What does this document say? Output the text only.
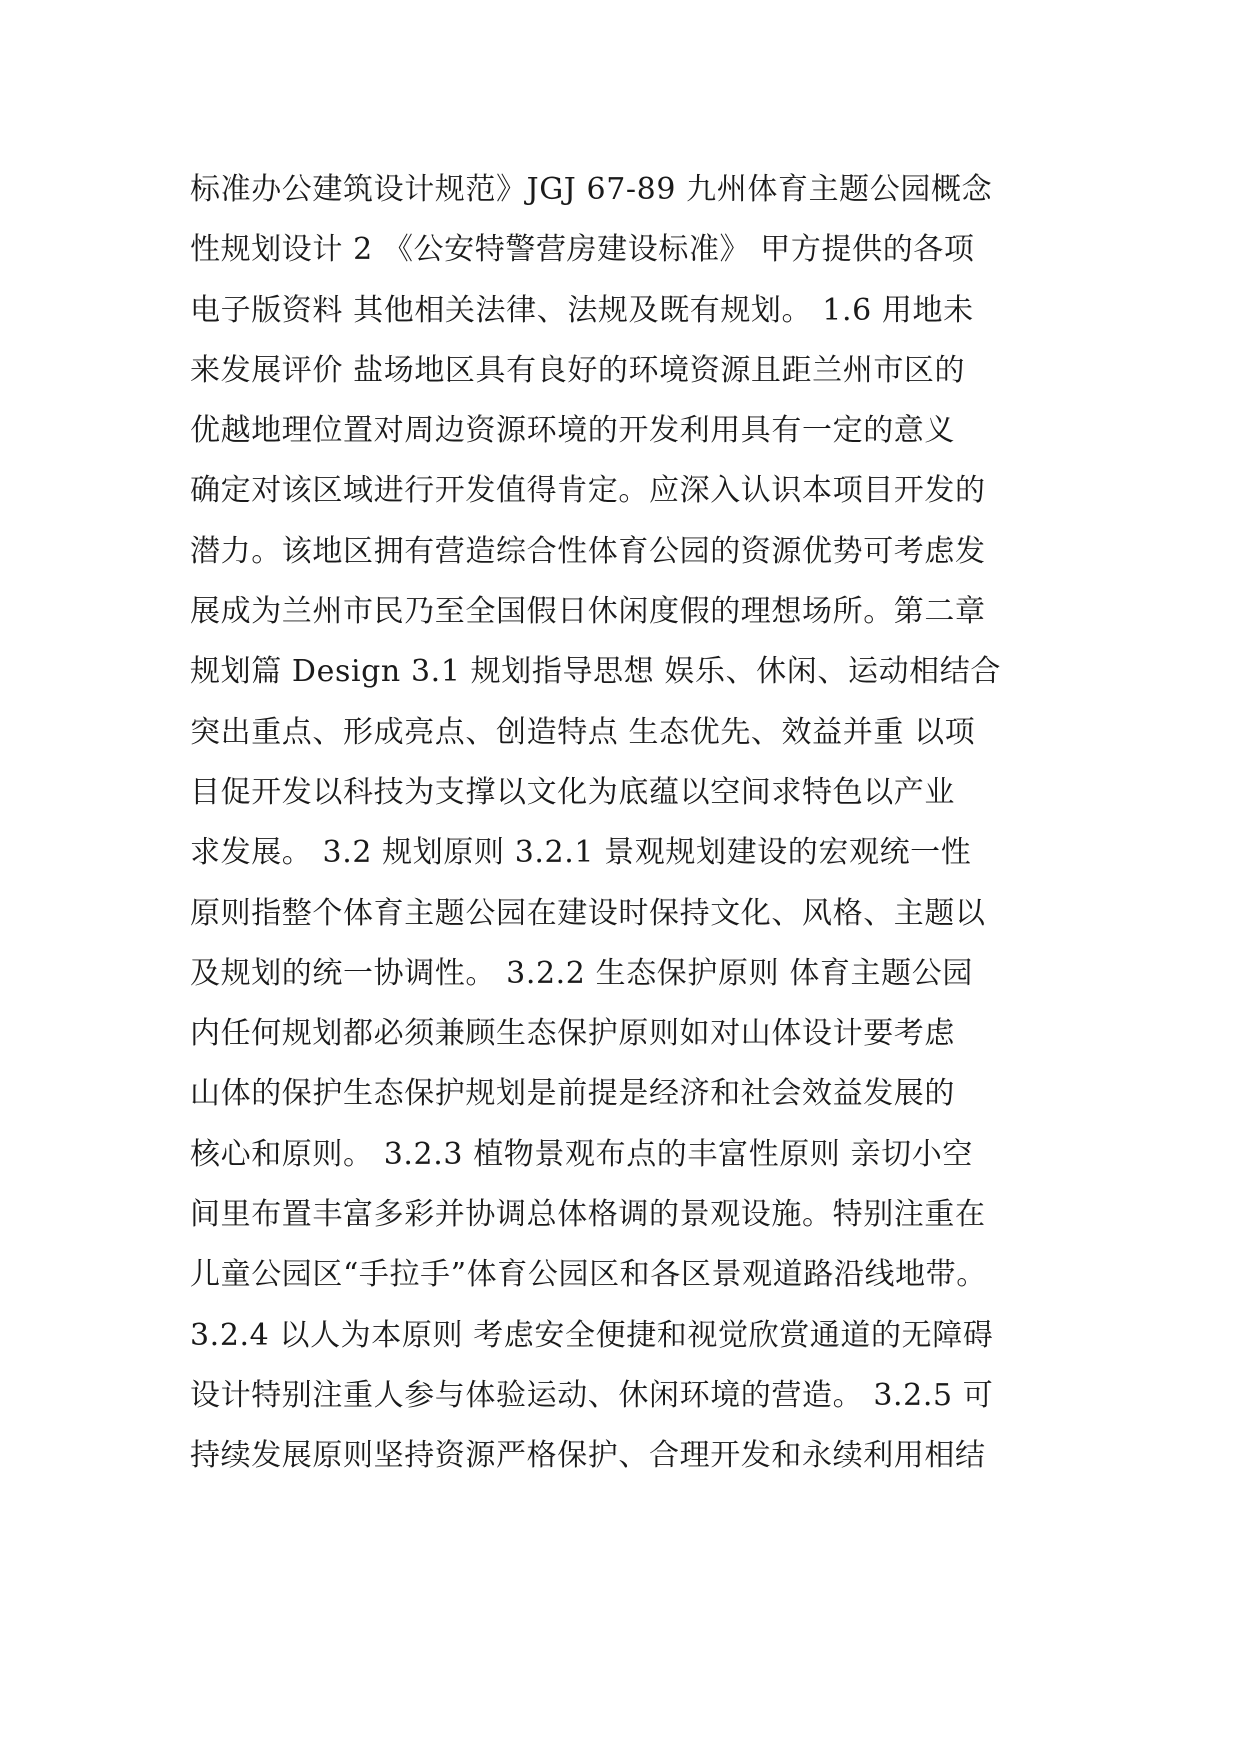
标准办公建筑设计规范》JGJ 67-89 九州体育主题公园概念
性规划设计 2 《公安特警营房建设标准》 甲方提供的各项
电子版资料 其他相关法律、法规及既有规划。 1.6 用地未
来发展评价 盐场地区具有良好的环境资源且距兰州市区的
优越地理位置对周边资源环境的开发利用具有一定的意义
确定对该区域进行开发值得肯定。应深入认识本项目开发的
潜力。该地区拥有营造综合性体育公园的资源优势可考虑发
展成为兰州市民乃至全国假日休闲度假的理想场所。第二章
规划篇 Design 3.1 规划指导思想 娱乐、休闲、运动相结合
突出重点、形成亮点、创造特点 生态优先、效益并重 以项
目促开发以科技为支撑以文化为底蕴以空间求特色以产业
求发展。 3.2 规划原则 3.2.1 景观规划建设的宏观统一性
原则指整个体育主题公园在建设时保持文化、风格、主题以
及规划的统一协调性。 3.2.2 生态保护原则 体育主题公园
内任何规划都必须兼顾生态保护原则如对山体设计要考虑
山体的保护生态保护规划是前提是经济和社会效益发展的
核心和原则。 3.2.3 植物景观布点的丰富性原则 亲切小空
间里布置丰富多彩并协调总体格调的景观设施。特别注重在
儿童公园区“手拉手”体育公园区和各区景观道路沿线地带。
3.2.4 以人为本原则 考虑安全便捷和视觉欣赏通道的无障碍
设计特别注重人参与体验运动、休闲环境的营造。 3.2.5 可
持续发展原则坚持资源严格保护、合理开发和永续利用相结
